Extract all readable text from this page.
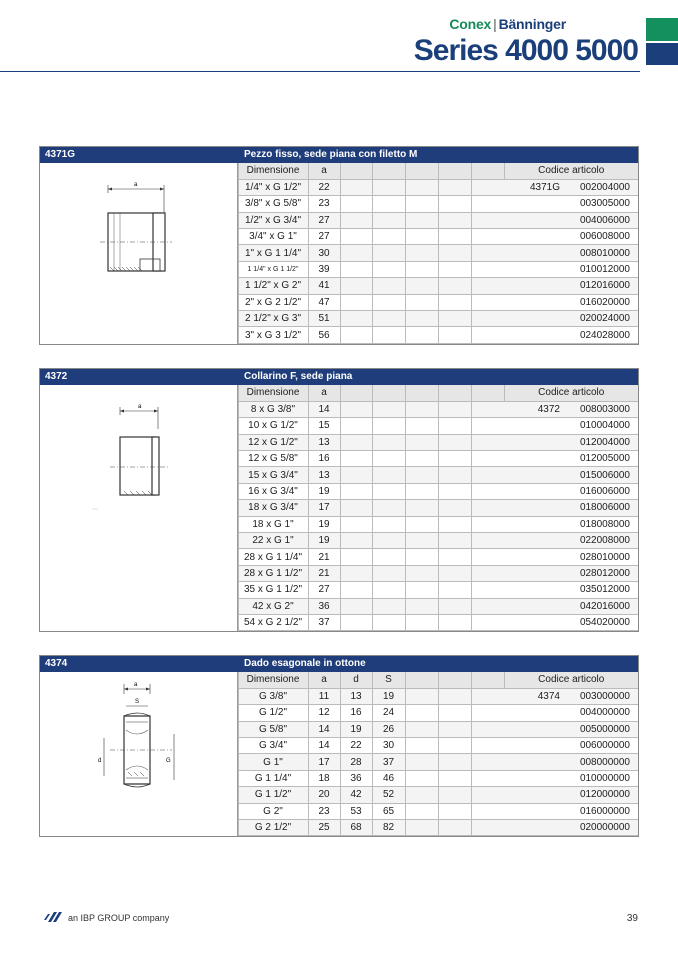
Conex | Bänninger
Series 4000 5000
4371G	Pezzo fisso, sede piana con filetto M
a
Dimensione	a						Codice articolo	
1/4" x G 1/2"	22						4371G	002004000
3/8" x G 5/8"	23							003005000
1/2" x G 3/4"	27							004006000
3/4" x G 1"	27							006008000
1" x G 1 1/4"	30							008010000
1 1/4" x G 1 1/2"	39							010012000
1 1/2" x G 2"	41							012016000
2" x G 2 1/2"	47							016020000
2 1/2" x G 3"	51							020024000
3" x G 3 1/2"	56							024028000
4372	Collarino F, sede piana
a
Dimensione	a						Codice articolo	
8 x G 3/8"	14						4372	008003000
10 x G 1/2"	15							010004000
12 x G 1/2"	13							012004000
12 x G 5/8"	16							012005000
15 x G 3/4"	13							015006000
16 x G 3/4"	19							016006000
18 x G 3/4"	17							018006000
18 x G 1"	19							018008000
22 x G 1"	19							022008000
28 x G 1 1/4"	21							028010000
28 x G 1 1/2"	21							028012000
35 x G 1 1/2"	27							035012000
42 x G 2"	36							042016000
54 x G 2 1/2"	37							054020000
4374	Dado esagonale in ottone
a
S
d	G
Dimensione	a	d	S				Codice articolo	
G 3/8"	11	13	19				4374	003000000
G 1/2"	12	16	24					004000000
G 5/8"	14	19	26					005000000
G 3/4"	14	22	30					006000000
G 1"	17	28	37					008000000
G 1 1/4"	18	36	46					010000000
G 1 1/2"	20	42	52					012000000
G 2"	23	53	65					016000000
G 2 1/2"	25	68	82					020000000
an IBP GROUP company	39
